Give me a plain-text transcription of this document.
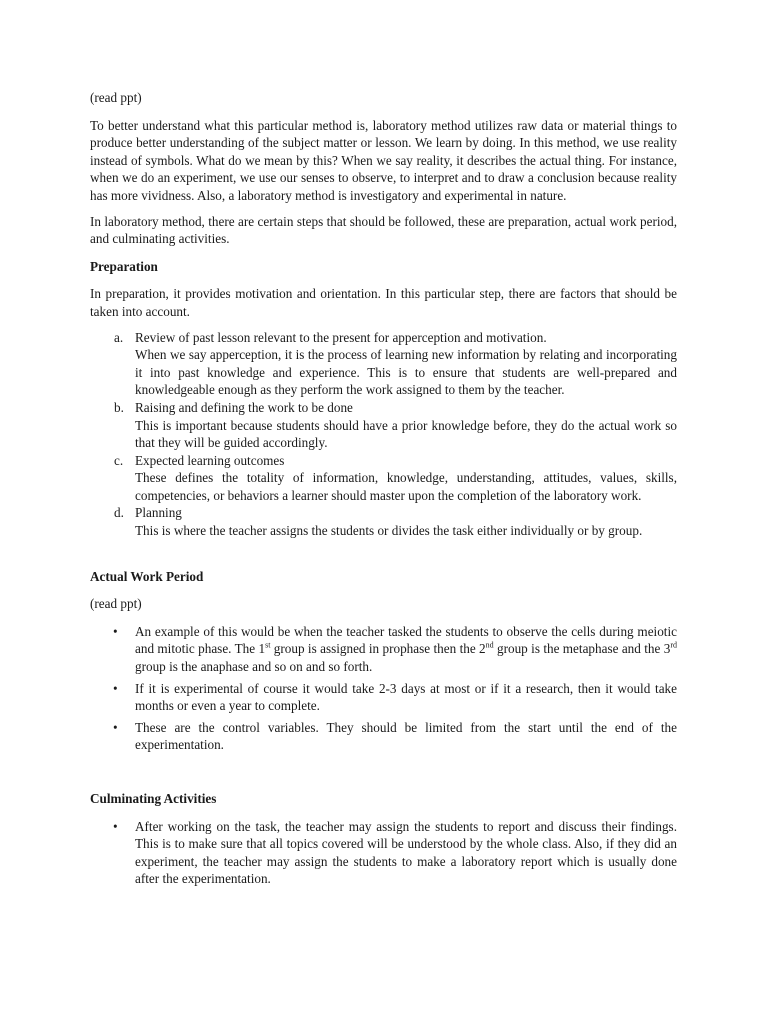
(read ppt)

To better understand what this particular method is, laboratory method utilizes raw data or material things to produce better understanding of the subject matter or lesson. We learn by doing. In this method, we use reality instead of symbols. What do we mean by this? When we say reality, it describes the actual thing. For instance, when we do an experiment, we use our senses to observe, to interpret and to draw a conclusion because reality has more vividness. Also, a laboratory method is investigatory and experimental in nature.

In laboratory method, there are certain steps that should be followed, these are preparation, actual work period, and culminating activities.

Preparation

In preparation, it provides motivation and orientation. In this particular step, there are factors that should be taken into account.

a. Review of past lesson relevant to the present for apperception and motivation.
When we say apperception, it is the process of learning new information by relating and incorporating it into past knowledge and experience. This is to ensure that students are well-prepared and knowledgeable enough as they perform the work assigned to them by the teacher.
b. Raising and defining the work to be done
This is important because students should have a prior knowledge before, they do the actual work so that they will be guided accordingly.
c. Expected learning outcomes
These defines the totality of information, knowledge, understanding, attitudes, values, skills, competencies, or behaviors a learner should master upon the completion of the laboratory work.
d. Planning
This is where the teacher assigns the students or divides the task either individually or by group.

Actual Work Period

(read ppt)

• An example of this would be when the teacher tasked the students to observe the cells during meiotic and mitotic phase. The 1st group is assigned in prophase then the 2nd group is the metaphase and the 3rd group is the anaphase and so on and so forth.
• If it is experimental of course it would take 2-3 days at most or if it a research, then it would take months or even a year to complete.
• These are the control variables. They should be limited from the start until the end of the experimentation.

Culminating Activities

• After working on the task, the teacher may assign the students to report and discuss their findings. This is to make sure that all topics covered will be understood by the whole class. Also, if they did an experiment, the teacher may assign the students to make a laboratory report which is usually done after the experimentation.
